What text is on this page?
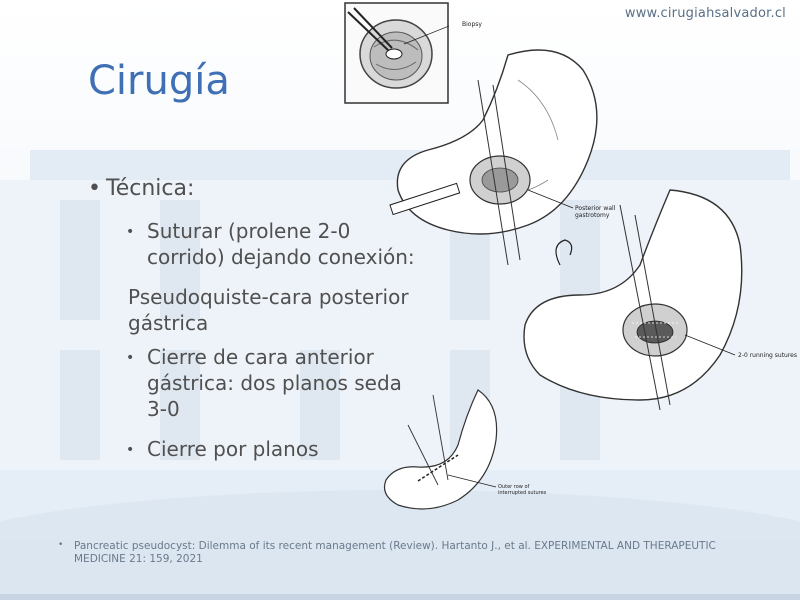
www.cirugiahsalvador.cl
Cirugía
Biopsy
Posterior wall
gastrotomy
2-0 running sutures
Outer row of
interrupted sutures
• Técnica:
• Suturar (prolene 2-0
corrido) dejando conexión:
Pseudoquiste-cara posterior
gástrica
• Cierre de cara anterior
gástrica: dos planos seda
3-0
• Cierre por planos
• Pancreatic pseudocyst: Dilemma of its recent management (Review). Hartanto J., et al. EXPERIMENTAL AND THERAPEUTIC MEDICINE 21: 159, 2021
